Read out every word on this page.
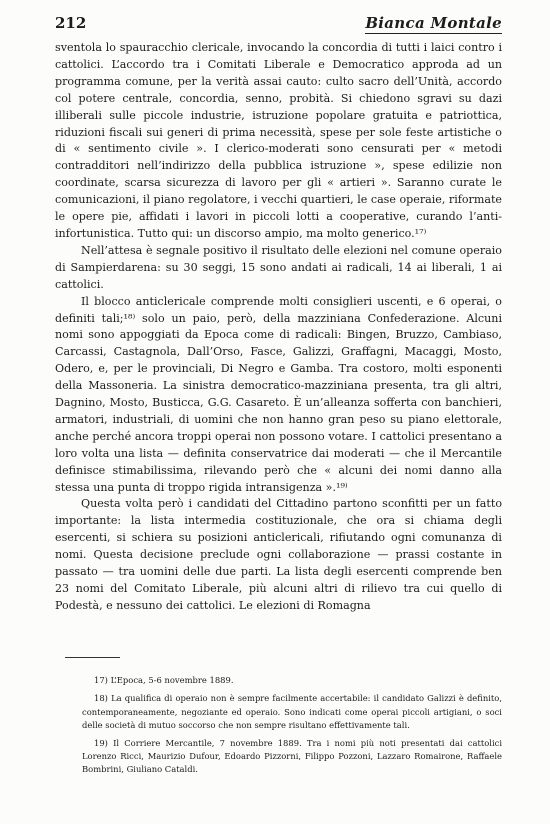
212	Bianca Montale

sventola lo spauracchio clericale, invocando la concordia di tutti i laici contro i cattolici. L’accordo tra i Comitati Liberale e Democratico approda ad un programma comune, per la verità assai cauto: culto sacro dell’Unità, accordo col potere centrale, concordia, senno, probità. Si chiedono sgravi su dazi illiberali sulle piccole industrie, istruzione popolare gratuita e patriottica, riduzioni fiscali sui generi di prima necessità, spese per sole feste artistiche o di « sentimento civile ». I clerico-moderati sono censurati per « metodi contradditori nell’indirizzo della pubblica istruzione », spese edilizie non coordinate, scarsa sicurezza di lavoro per gli « artieri ». Saranno curate le comunicazioni, il piano regolatore, i vecchi quartieri, le case operaie, riformate le opere pie, affidati i lavori in piccoli lotti a cooperative, curando l’anti-infortunistica. Tutto qui: un discorso ampio, ma molto generico.¹⁷⁾

Nell’attesa è segnale positivo il risultato delle elezioni nel comune operaio di Sampierdarena: su 30 seggi, 15 sono andati ai radicali, 14 ai liberali, 1 ai cattolici.

Il blocco anticlericale comprende molti consiglieri uscenti, e 6 operai, o definiti tali;¹⁸⁾ solo un paio, però, della mazziniana Confederazione. Alcuni nomi sono appoggiati da Epoca come di radicali: Bingen, Bruzzo, Cambiaso, Carcassi, Castagnola, Dall’Orso, Fasce, Galizzi, Graffagni, Macaggi, Mosto, Odero, e, per le provinciali, Di Negro e Gamba. Tra costoro, molti esponenti della Massoneria. La sinistra democratico-mazziniana presenta, tra gli altri, Dagnino, Mosto, Busticca, G.G. Casareto. È un’alleanza sofferta con banchieri, armatori, industriali, di uomini che non hanno gran peso su piano elettorale, anche perché ancora troppi operai non possono votare. I cattolici presentano a loro volta una lista — definita conservatrice dai moderati — che il Mercantile definisce stimabilissima, rilevando però che « alcuni dei nomi danno alla stessa una punta di troppo rigida intransigenza ».¹⁹⁾

Questa volta però i candidati del Cittadino partono sconfitti per un fatto importante: la lista intermedia costituzionale, che ora si chiama degli esercenti, si schiera su posizioni anticlericali, rifiutando ogni comunanza di nomi. Questa decisione preclude ogni collaborazione — prassi costante in passato — tra uomini delle due parti. La lista degli esercenti comprende ben 23 nomi del Comitato Liberale, più alcuni altri di rilievo tra cui quello di Podestà, e nessuno dei cattolici. Le elezioni di Romagna

17) L’Epoca, 5-6 novembre 1889.

18) La qualifica di operaio non è sempre facilmente accertabile: il candidato Galizzi è definito, contemporaneamente, negoziante ed operaio. Sono indicati come operai piccoli artigiani, o soci delle società di mutuo soccorso che non sempre risultano effettivamente tali.

19) Il Corriere Mercantile, 7 novembre 1889. Tra i nomi più noti presentati dai cattolici Lorenzo Ricci, Maurizio Dufour, Edoardo Pizzorni, Filippo Pozzoni, Lazzaro Romairone, Raffaele Bombrini, Giuliano Cataldi.
